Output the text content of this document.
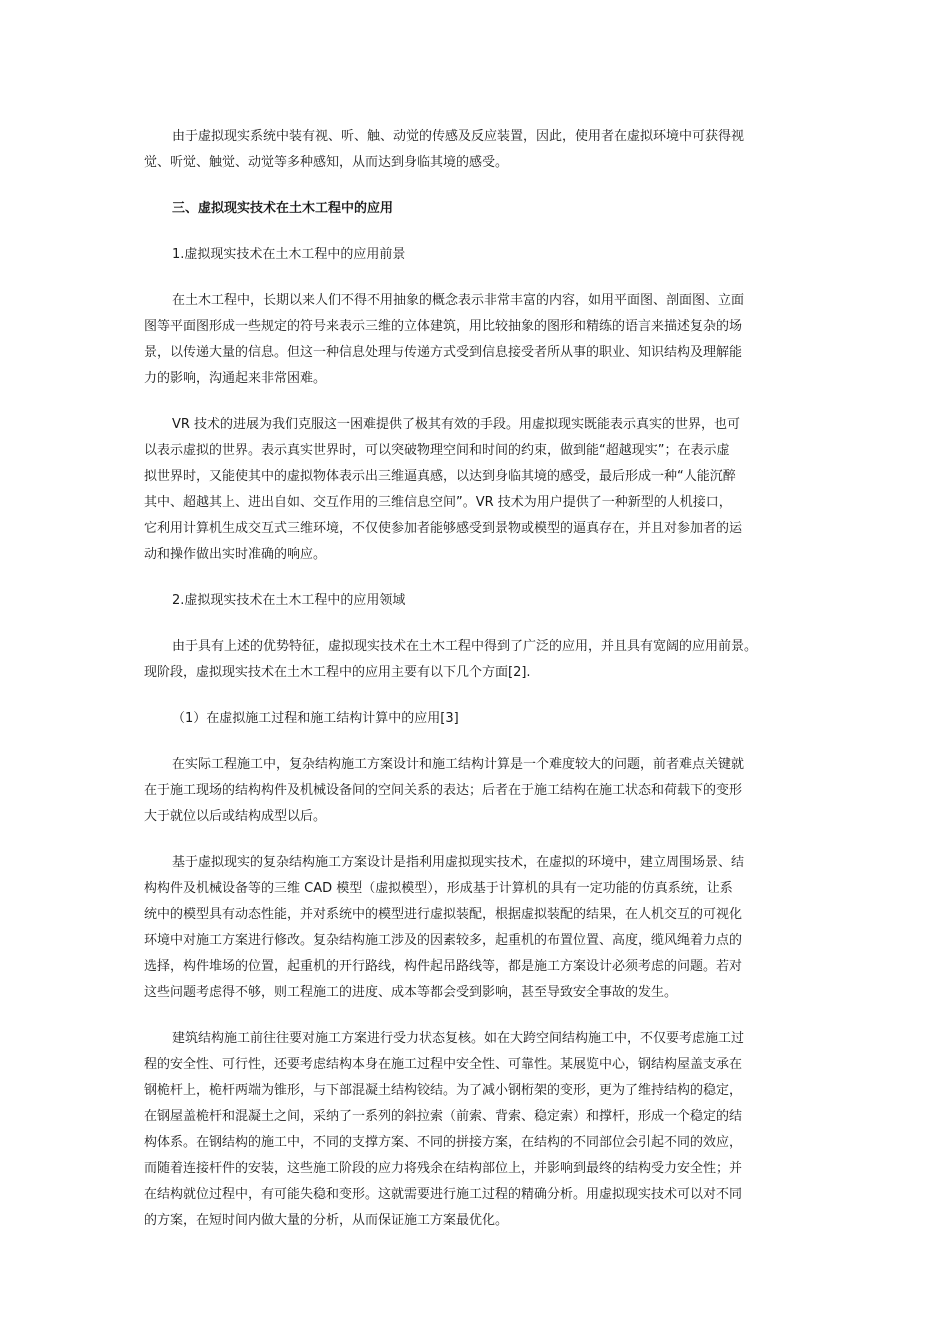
由于虚拟现实系统中装有视、听、触、动觉的传感及反应装置，因此，使用者在虚拟环境中可获得视
觉、听觉、触觉、动觉等多种感知，从而达到身临其境的感受。

三、虚拟现实技术在土木工程中的应用

1.虚拟现实技术在土木工程中的应用前景

在土木工程中，长期以来人们不得不用抽象的概念表示非常丰富的内容，如用平面图、剖面图、立面
图等平面图形成一些规定的符号来表示三维的立体建筑，用比较抽象的图形和精练的语言来描述复杂的场
景，以传递大量的信息。但这一种信息处理与传递方式受到信息接受者所从事的职业、知识结构及理解能
力的影响，沟通起来非常困难。

VR 技术的进展为我们克服这一困难提供了极其有效的手段。用虚拟现实既能表示真实的世界，也可
以表示虚拟的世界。表示真实世界时，可以突破物理空间和时间的约束，做到能“超越现实”；在表示虚
拟世界时，又能使其中的虚拟物体表示出三维逼真感，以达到身临其境的感受，最后形成一种“人能沉醉
其中、超越其上、进出自如、交互作用的三维信息空间”。VR 技术为用户提供了一种新型的人机接口，
它利用计算机生成交互式三维环境，不仅使参加者能够感受到景物或模型的逼真存在，并且对参加者的运
动和操作做出实时准确的响应。

2.虚拟现实技术在土木工程中的应用领域

由于具有上述的优势特征，虚拟现实技术在土木工程中得到了广泛的应用，并且具有宽阔的应用前景。
现阶段，虚拟现实技术在土木工程中的应用主要有以下几个方面[2].

（1）在虚拟施工过程和施工结构计算中的应用[3]

在实际工程施工中，复杂结构施工方案设计和施工结构计算是一个难度较大的问题，前者难点关键就
在于施工现场的结构构件及机械设备间的空间关系的表达；后者在于施工结构在施工状态和荷载下的变形
大于就位以后或结构成型以后。

基于虚拟现实的复杂结构施工方案设计是指利用虚拟现实技术，在虚拟的环境中，建立周围场景、结
构构件及机械设备等的三维 CAD 模型（虚拟模型），形成基于计算机的具有一定功能的仿真系统，让系
统中的模型具有动态性能，并对系统中的模型进行虚拟装配，根据虚拟装配的结果，在人机交互的可视化
环境中对施工方案进行修改。复杂结构施工涉及的因素较多，起重机的布置位置、高度，缆风绳着力点的
选择，构件堆场的位置，起重机的开行路线，构件起吊路线等，都是施工方案设计必须考虑的问题。若对
这些问题考虑得不够，则工程施工的进度、成本等都会受到影响，甚至导致安全事故的发生。

建筑结构施工前往往要对施工方案进行受力状态复核。如在大跨空间结构施工中，不仅要考虑施工过
程的安全性、可行性，还要考虑结构本身在施工过程中安全性、可靠性。某展览中心，钢结构屋盖支承在
钢桅杆上，桅杆两端为锥形，与下部混凝土结构铰结。为了减小钢桁架的变形，更为了维持结构的稳定，
在钢屋盖桅杆和混凝土之间，采纳了一系列的斜拉索（前索、背索、稳定索）和撑杆，形成一个稳定的结
构体系。在钢结构的施工中，不同的支撑方案、不同的拼接方案，在结构的不同部位会引起不同的效应，
而随着连接杆件的安装，这些施工阶段的应力将残余在结构部位上，并影响到最终的结构受力安全性；并
在结构就位过程中，有可能失稳和变形。这就需要进行施工过程的精确分析。用虚拟现实技术可以对不同
的方案，在短时间内做大量的分析，从而保证施工方案最优化。
